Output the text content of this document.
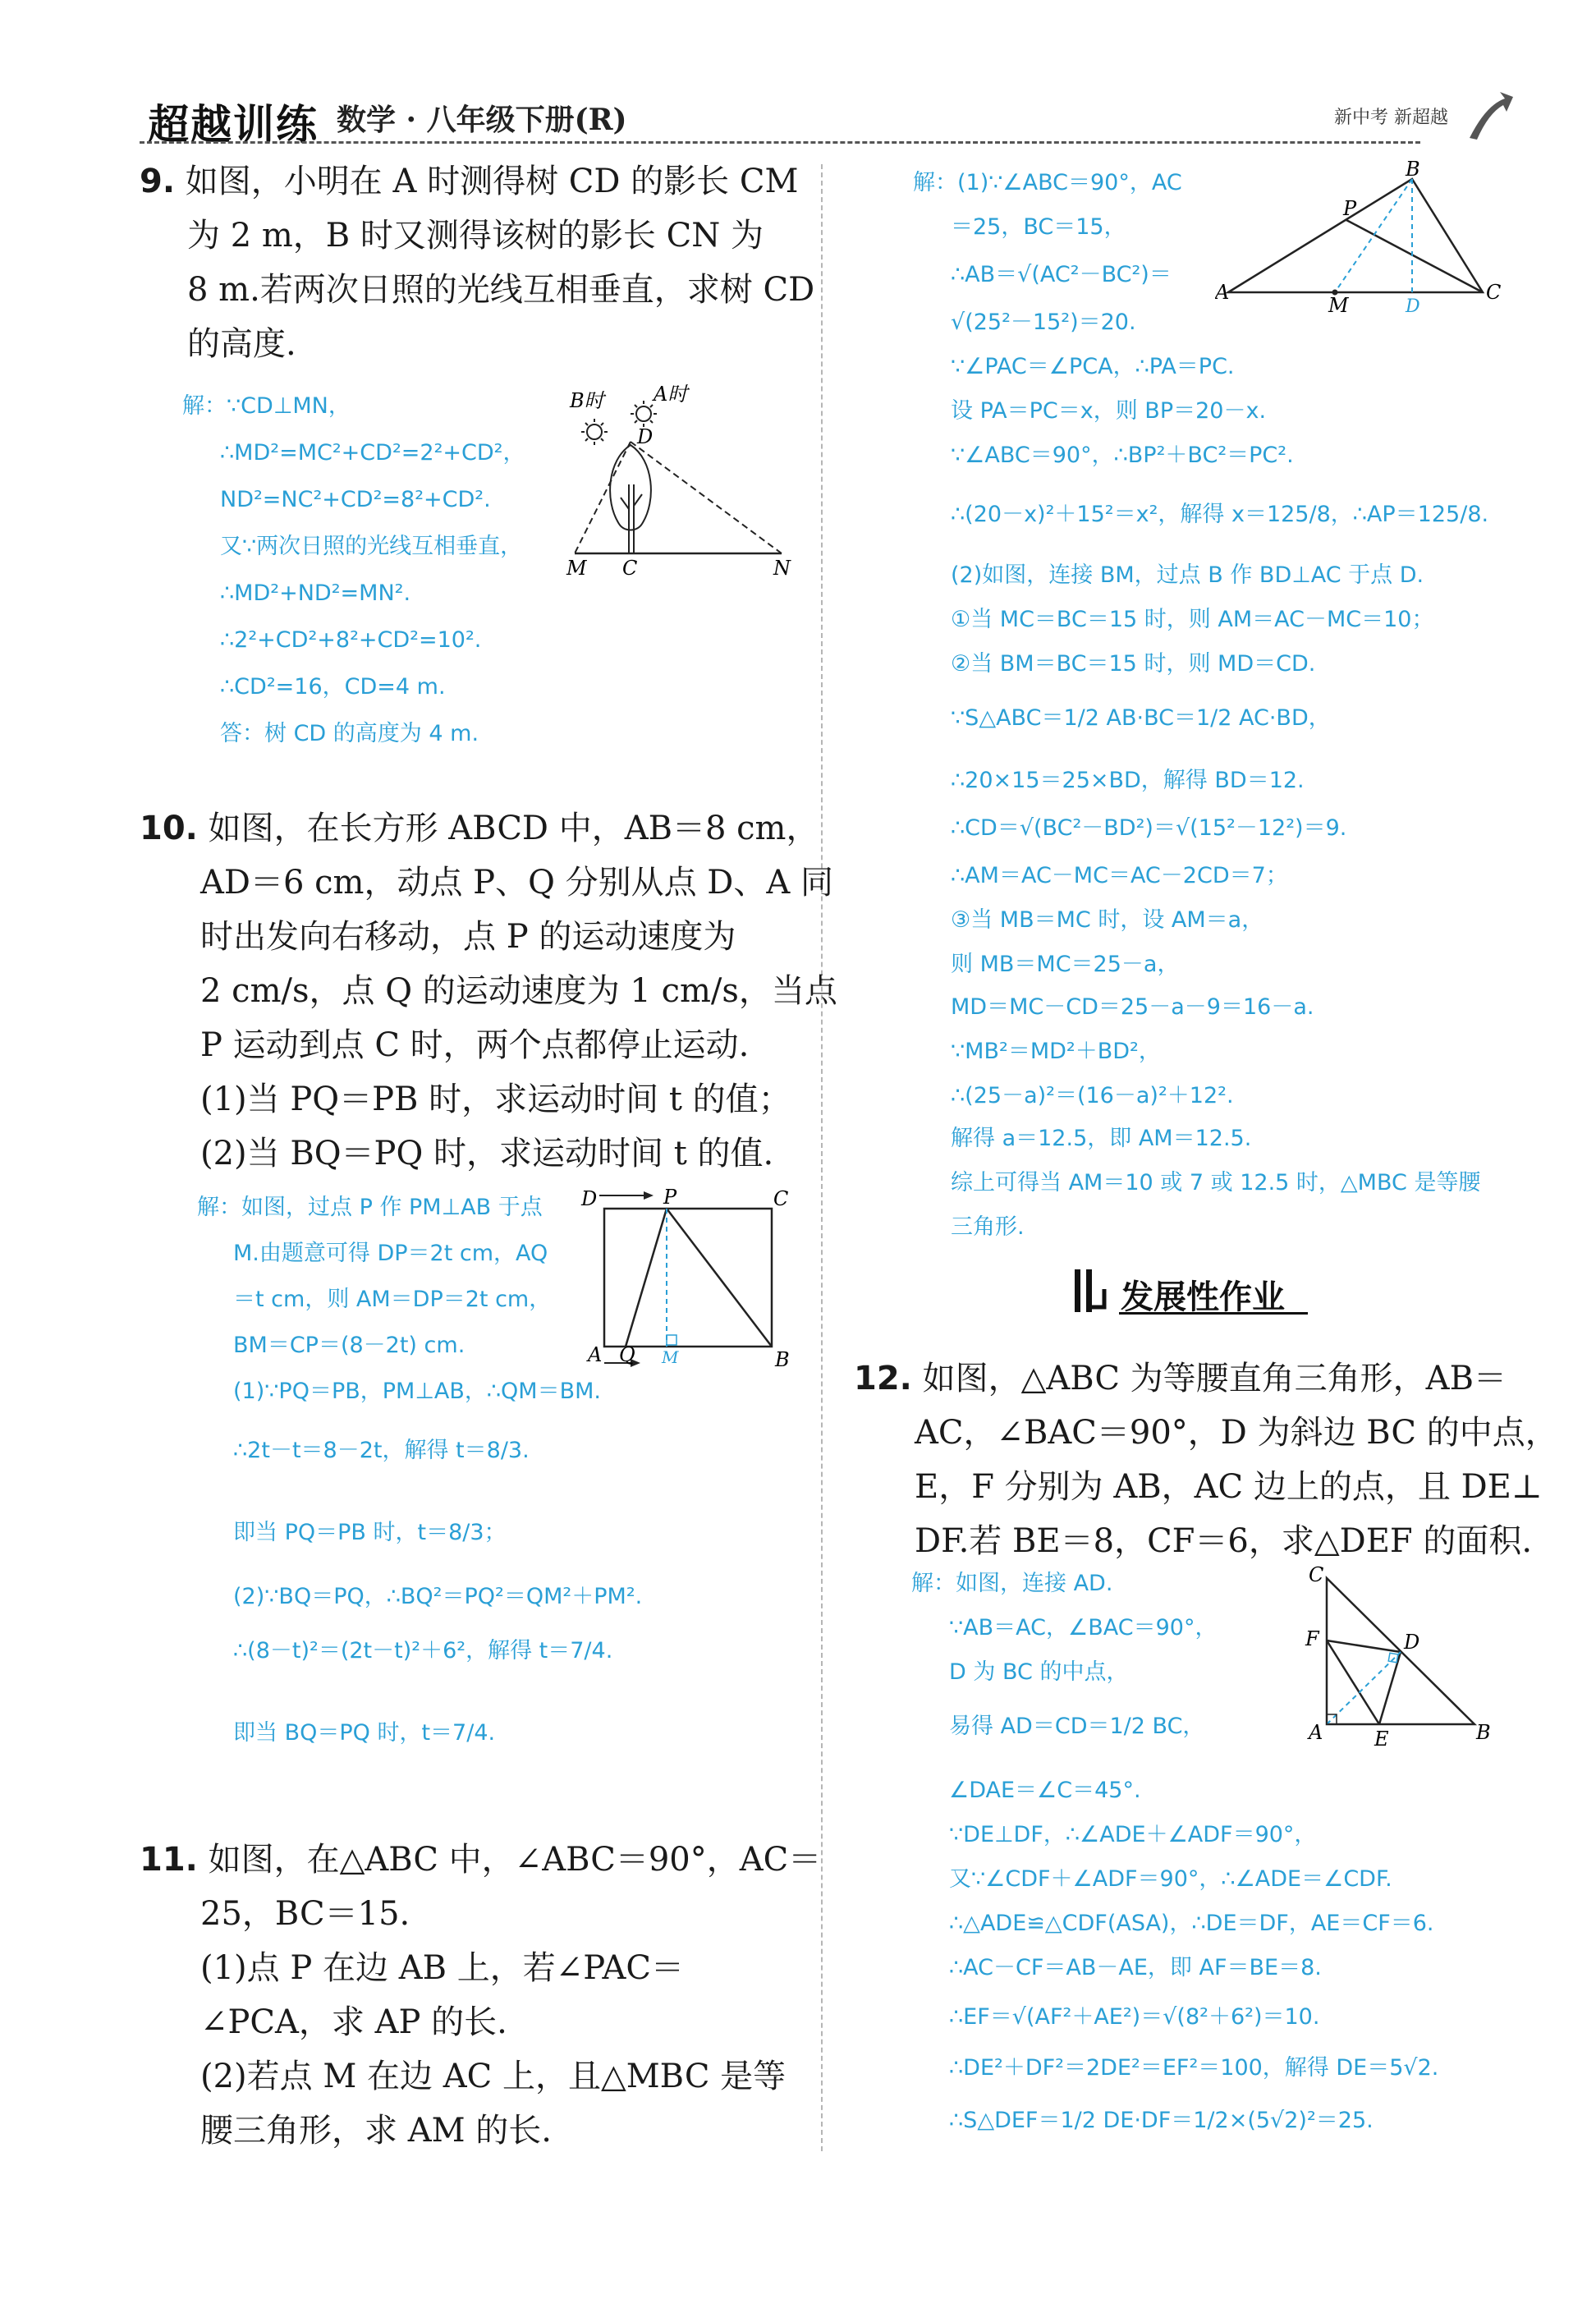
超越训练 数学 · 八年级下册(R)	新中考 新超越
9. 如图，小明在 A 时测得树 CD 的影长 CM
为 2 m，B 时又测得该树的影长 CN 为
8 m.若两次日照的光线互相垂直，求树 CD
的高度.
解：∵CD⊥MN，
∴MD²=MC²+CD²=2²+CD²，
ND²=NC²+CD²=8²+CD².
又∵两次日照的光线互相垂直，
∴MD²+ND²=MN².
∴2²+CD²+8²+CD²=10².
∴CD²=16，CD=4 m.
答：树 CD 的高度为 4 m.
B时	A时
D
M C	N
10. 如图，在长方形 ABCD 中，AB＝8 cm，
AD＝6 cm，动点 P、Q 分别从点 D、A 同
时出发向右移动，点 P 的运动速度为
2 cm/s，点 Q 的运动速度为 1 cm/s，当点
P 运动到点 C 时，两个点都停止运动.
(1)当 PQ＝PB 时，求运动时间 t 的值；
(2)当 BQ＝PQ 时，求运动时间 t 的值.
解：如图，过点 P 作 PM⊥AB 于点
M.由题意可得 DP＝2t cm，AQ
＝t cm，则 AM＝DP＝2t cm，
BM＝CP＝(8－2t) cm.
(1)∵PQ＝PB，PM⊥AB，∴QM＝BM.
∴2t－t＝8－2t，解得 t＝8/3.
即当 PQ＝PB 时，t＝8/3；
(2)∵BQ＝PQ，∴BQ²＝PQ²＝QM²＋PM².
∴(8－t)²＝(2t－t)²＋6²，解得 t＝7/4.
即当 BQ＝PQ 时，t＝7/4.
D	P	C
A Q M	B
11. 如图，在△ABC 中，∠ABC＝90°，AC＝
25，BC＝15.
(1)点 P 在边 AB 上，若∠PAC＝
∠PCA，求 AP 的长.
(2)若点 M 在边 AC 上，且△MBC 是等
腰三角形，求 AM 的长.
解：(1)∵∠ABC＝90°，AC
＝25，BC＝15，
∴AB＝√(AC²－BC²)＝
√(25²－15²)＝20.
∵∠PAC＝∠PCA，∴PA＝PC.
设 PA＝PC＝x，则 BP＝20－x.
∵∠ABC＝90°，∴BP²＋BC²＝PC².
∴(20－x)²＋15²＝x²，解得 x＝125/8，∴AP＝125/8.
(2)如图，连接 BM，过点 B 作 BD⊥AC 于点 D.
①当 MC＝BC＝15 时，则 AM＝AC－MC＝10；
②当 BM＝BC＝15 时，则 MD＝CD.
∵S△ABC＝1/2 AB·BC＝1/2 AC·BD，
∴20×15＝25×BD，解得 BD＝12.
∴CD＝√(BC²－BD²)＝√(15²－12²)＝9.
∴AM＝AC－MC＝AC－2CD＝7；
③当 MB＝MC 时，设 AM＝a，
则 MB＝MC＝25－a，
MD＝MC－CD＝25－a－9＝16－a.
∵MB²＝MD²＋BD²，
∴(25－a)²＝(16－a)²＋12².
解得 a＝12.5，即 AM＝12.5.
综上可得当 AM＝10 或 7 或 12.5 时，△MBC 是等腰
三角形.
A
B
C
P
M	D
发展性作业
12. 如图，△ABC 为等腰直角三角形，AB＝
AC，∠BAC＝90°，D 为斜边 BC 的中点，
E，F 分别为 AB，AC 边上的点，且 DE⊥
DF.若 BE＝8，CF＝6，求△DEF 的面积.
解：如图，连接 AD.
∵AB＝AC，∠BAC＝90°，
D 为 BC 的中点，
易得 AD＝CD＝1/2 BC，
∠DAE＝∠C＝45°.
∵DE⊥DF，∴∠ADE＋∠ADF＝90°，
又∵∠CDF＋∠ADF＝90°，∴∠ADE＝∠CDF.
∴△ADE≌△CDF(ASA)，∴DE＝DF，AE＝CF＝6.
∴AC－CF＝AB－AE，即 AF＝BE＝8.
∴EF＝√(AF²＋AE²)＝√(8²＋6²)＝10.
∴DE²＋DF²＝2DE²＝EF²＝100，解得 DE＝5√2.
∴S△DEF＝1/2 DE·DF＝1/2×(5√2)²＝25.
C
F	D
A	E	B
